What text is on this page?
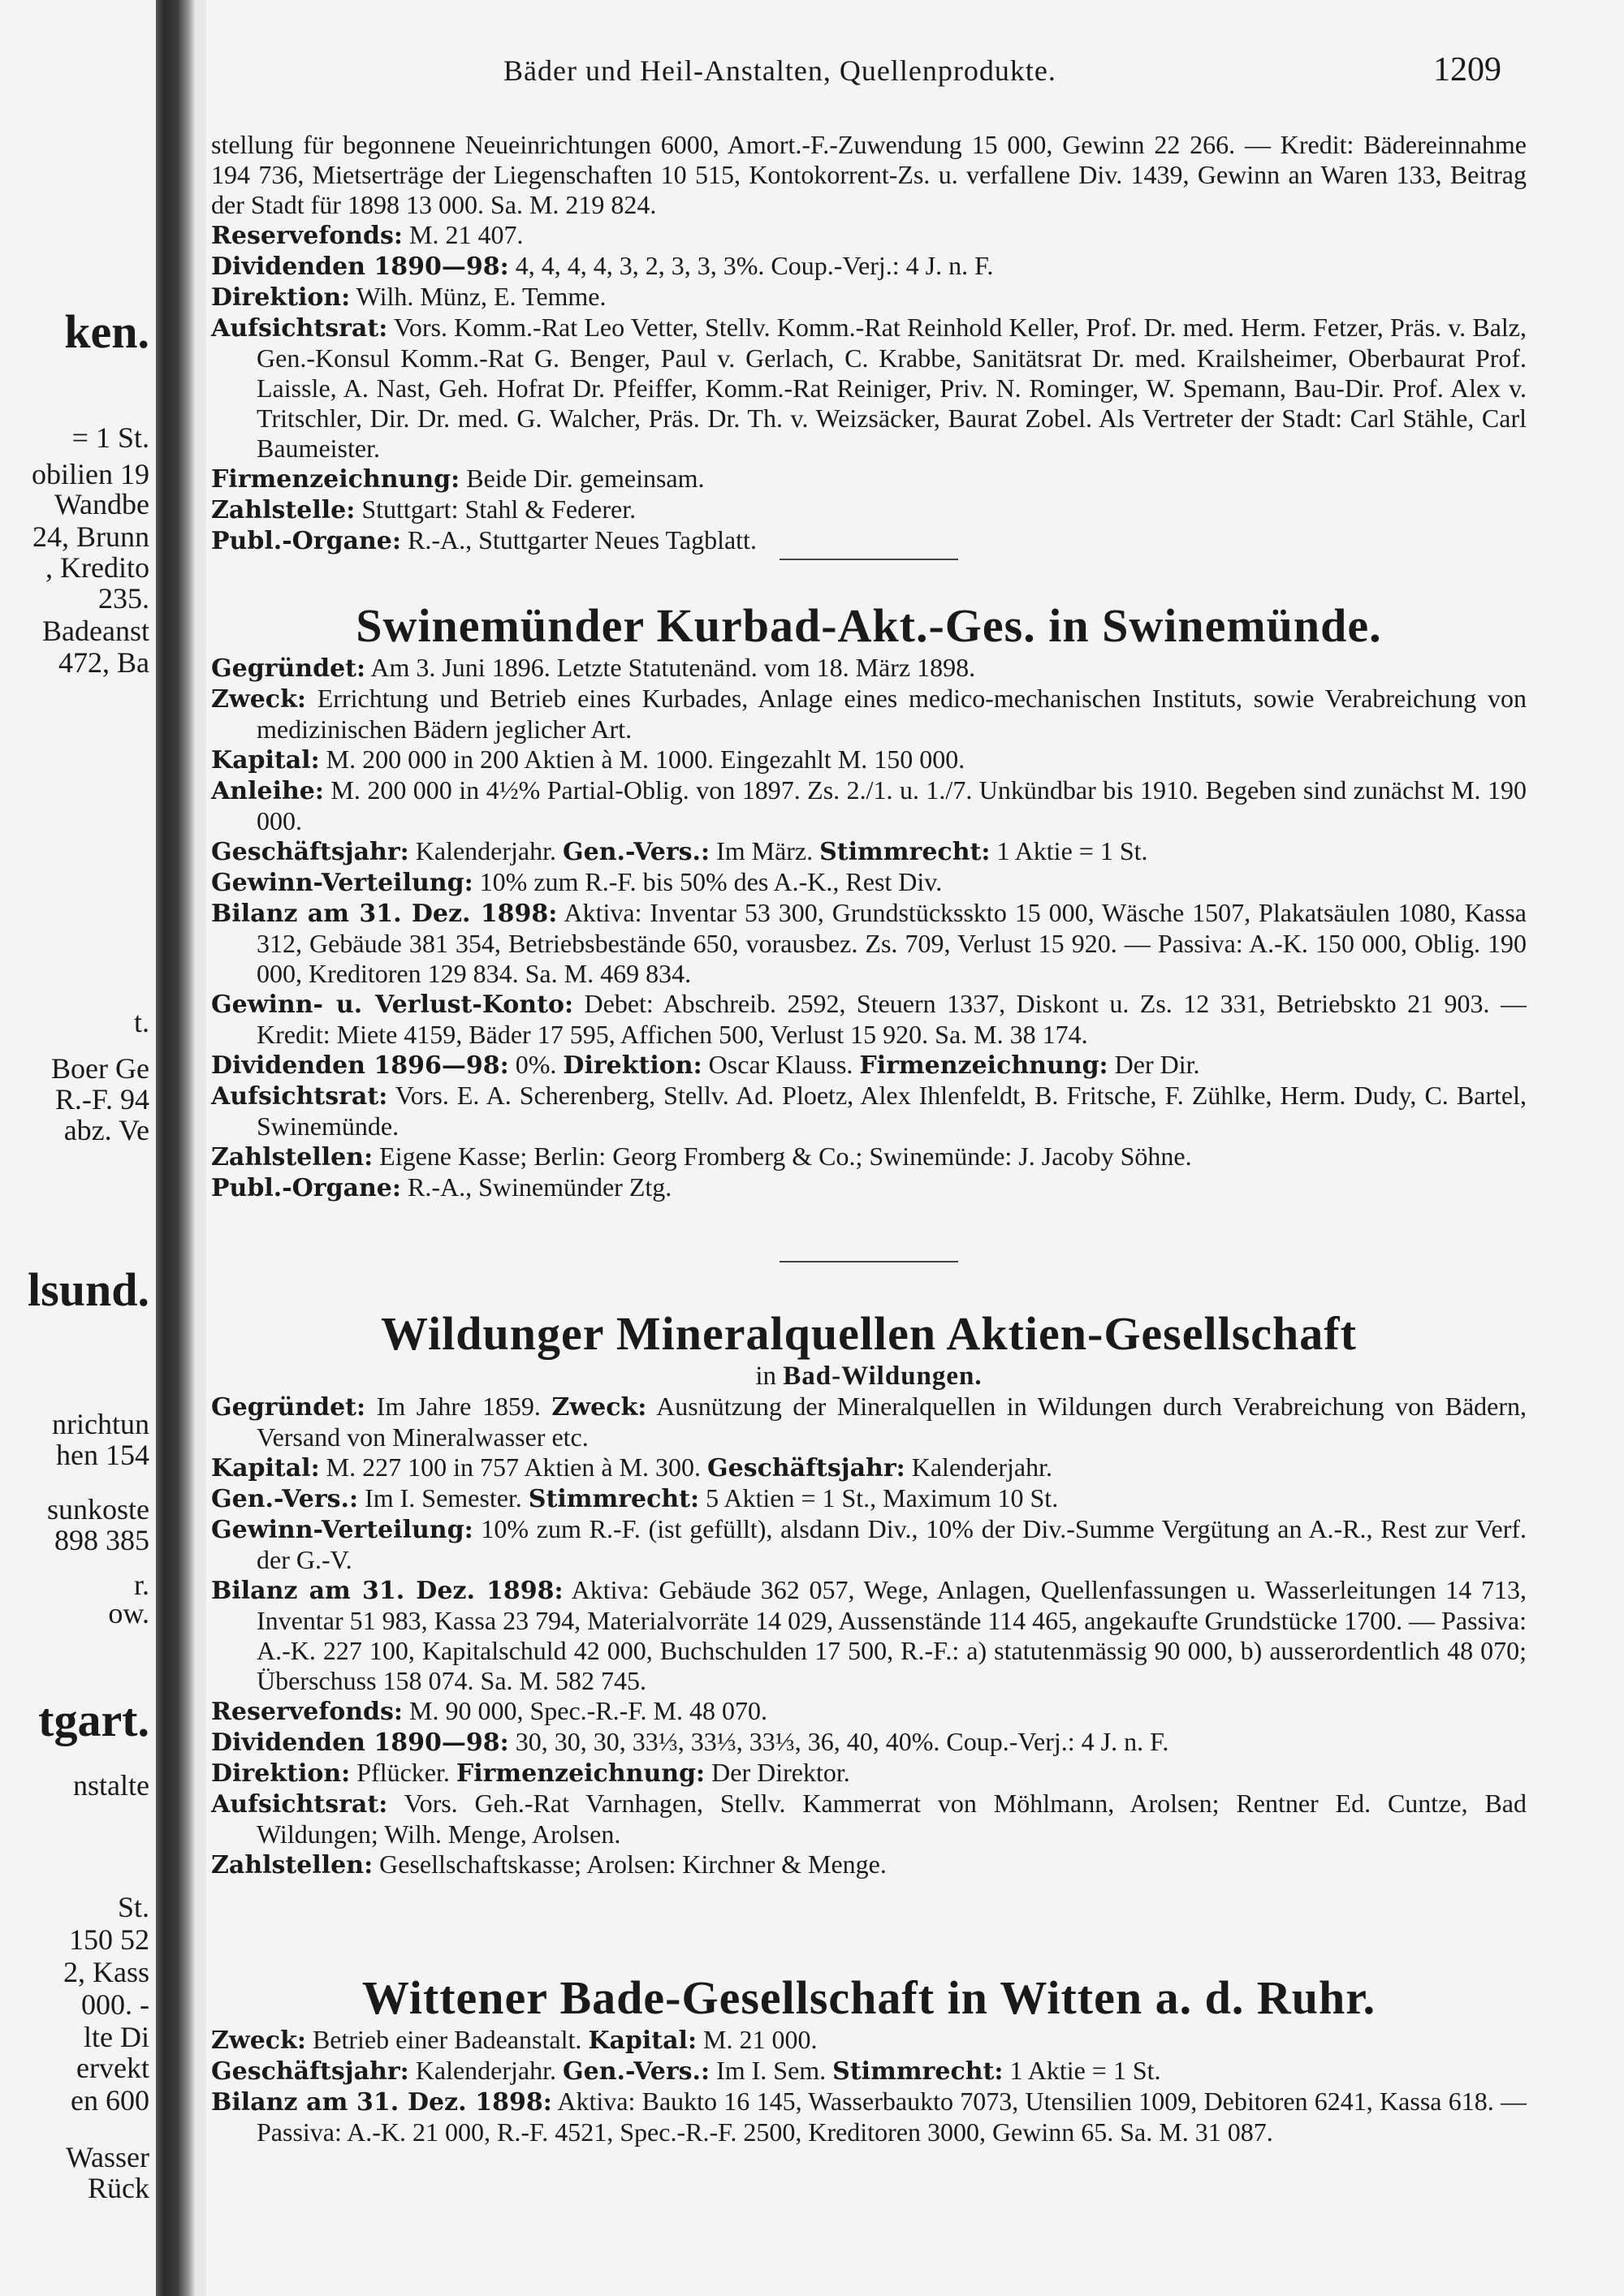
ken.
= 1 St.
obilien 19
Wandbe
24, Brunn
, Kredito
235.
Badeanst
472, Ba
t.
Boer Ge
R.-F. 94
abz. Ve
lsund.
nrichtun
hen 154
sunkoste
898 385
r.
ow.
tgart.
nstalte
St.
150 52
2, Kass
000. -
lte Di
ervekt
en 600
Wasser
Rück
Bäder und Heil-Anstalten, Quellenprodukte.	1209

stellung für begonnene Neueinrichtungen 6000, Amort.-F.-Zuwendung 15 000, Gewinn 22 266. — Kredit: Bädereinnahme 194 736, Mietserträge der Liegenschaften 10 515, Kontokorrent-Zs. u. verfallene Div. 1439, Gewinn an Waren 133, Beitrag der Stadt für 1898 13 000. Sa. M. 219 824.

Reservefonds: M. 21 407.

Dividenden 1890—98: 4, 4, 4, 4, 3, 2, 3, 3, 3%. Coup.-Verj.: 4 J. n. F.

Direktion: Wilh. Münz, E. Temme.

Aufsichtsrat: Vors. Komm.-Rat Leo Vetter, Stellv. Komm.-Rat Reinhold Keller, Prof. Dr. med. Herm. Fetzer, Präs. v. Balz, Gen.-Konsul Komm.-Rat G. Benger, Paul v. Gerlach, C. Krabbe, Sanitätsrat Dr. med. Krailsheimer, Oberbaurat Prof. Laissle, A. Nast, Geh. Hofrat Dr. Pfeiffer, Komm.-Rat Reiniger, Priv. N. Rominger, W. Spemann, Bau-Dir. Prof. Alex v. Tritschler, Dir. Dr. med. G. Walcher, Präs. Dr. Th. v. Weizsäcker, Baurat Zobel. Als Vertreter der Stadt: Carl Stähle, Carl Baumeister.

Firmenzeichnung: Beide Dir. gemeinsam.

Zahlstelle: Stuttgart: Stahl & Federer.

Publ.-Organe: R.-A., Stuttgarter Neues Tagblatt.

Swinemünder Kurbad-Akt.-Ges. in Swinemünde.

Gegründet: Am 3. Juni 1896. Letzte Statutenänd. vom 18. März 1898.

Zweck: Errichtung und Betrieb eines Kurbades, Anlage eines medico-mechanischen Instituts, sowie Verabreichung von medizinischen Bädern jeglicher Art.

Kapital: M. 200 000 in 200 Aktien à M. 1000. Eingezahlt M. 150 000.

Anleihe: M. 200 000 in 4½% Partial-Oblig. von 1897. Zs. 2./1. u. 1./7. Unkündbar bis 1910. Begeben sind zunächst M. 190 000.

Geschäftsjahr: Kalenderjahr. Gen.-Vers.: Im März. Stimmrecht: 1 Aktie = 1 St.

Gewinn-Verteilung: 10% zum R.-F. bis 50% des A.-K., Rest Div.

Bilanz am 31. Dez. 1898: Aktiva: Inventar 53 300, Grundstücksskto 15 000, Wäsche 1507, Plakatsäulen 1080, Kassa 312, Gebäude 381 354, Betriebsbestände 650, vorausbez. Zs. 709, Verlust 15 920. — Passiva: A.-K. 150 000, Oblig. 190 000, Kreditoren 129 834. Sa. M. 469 834.

Gewinn- u. Verlust-Konto: Debet: Abschreib. 2592, Steuern 1337, Diskont u. Zs. 12 331, Betriebskto 21 903. — Kredit: Miete 4159, Bäder 17 595, Affichen 500, Verlust 15 920. Sa. M. 38 174.

Dividenden 1896—98: 0%. Direktion: Oscar Klauss. Firmenzeichnung: Der Dir.

Aufsichtsrat: Vors. E. A. Scherenberg, Stellv. Ad. Ploetz, Alex Ihlenfeldt, B. Fritsche, F. Zühlke, Herm. Dudy, C. Bartel, Swinemünde.

Zahlstellen: Eigene Kasse; Berlin: Georg Fromberg & Co.; Swinemünde: J. Jacoby Söhne.

Publ.-Organe: R.-A., Swinemünder Ztg.

Wildunger Mineralquellen Aktien-Gesellschaft

in Bad-Wildungen.

Gegründet: Im Jahre 1859. Zweck: Ausnützung der Mineralquellen in Wildungen durch Verabreichung von Bädern, Versand von Mineralwasser etc.

Kapital: M. 227 100 in 757 Aktien à M. 300. Geschäftsjahr: Kalenderjahr.

Gen.-Vers.: Im I. Semester. Stimmrecht: 5 Aktien = 1 St., Maximum 10 St.

Gewinn-Verteilung: 10% zum R.-F. (ist gefüllt), alsdann Div., 10% der Div.-Summe Vergütung an A.-R., Rest zur Verf. der G.-V.

Bilanz am 31. Dez. 1898: Aktiva: Gebäude 362 057, Wege, Anlagen, Quellenfassungen u. Wasserleitungen 14 713, Inventar 51 983, Kassa 23 794, Materialvorräte 14 029, Aussenstände 114 465, angekaufte Grundstücke 1700. — Passiva: A.-K. 227 100, Kapitalschuld 42 000, Buchschulden 17 500, R.-F.: a) statutenmässig 90 000, b) ausserordentlich 48 070; Überschuss 158 074. Sa. M. 582 745.

Reservefonds: M. 90 000, Spec.-R.-F. M. 48 070.

Dividenden 1890—98: 30, 30, 30, 33⅓, 33⅓, 33⅓, 36, 40, 40%. Coup.-Verj.: 4 J. n. F.

Direktion: Pflücker. Firmenzeichnung: Der Direktor.

Aufsichtsrat: Vors. Geh.-Rat Varnhagen, Stellv. Kammerrat von Möhlmann, Arolsen; Rentner Ed. Cuntze, Bad Wildungen; Wilh. Menge, Arolsen.

Zahlstellen: Gesellschaftskasse; Arolsen: Kirchner & Menge.

Wittener Bade-Gesellschaft in Witten a. d. Ruhr.

Zweck: Betrieb einer Badeanstalt. Kapital: M. 21 000.

Geschäftsjahr: Kalenderjahr. Gen.-Vers.: Im I. Sem. Stimmrecht: 1 Aktie = 1 St.

Bilanz am 31. Dez. 1898: Aktiva: Baukto 16 145, Wasserbaukto 7073, Utensilien 1009, Debitoren 6241, Kassa 618. — Passiva: A.-K. 21 000, R.-F. 4521, Spec.-R.-F. 2500, Kreditoren 3000, Gewinn 65. Sa. M. 31 087.
